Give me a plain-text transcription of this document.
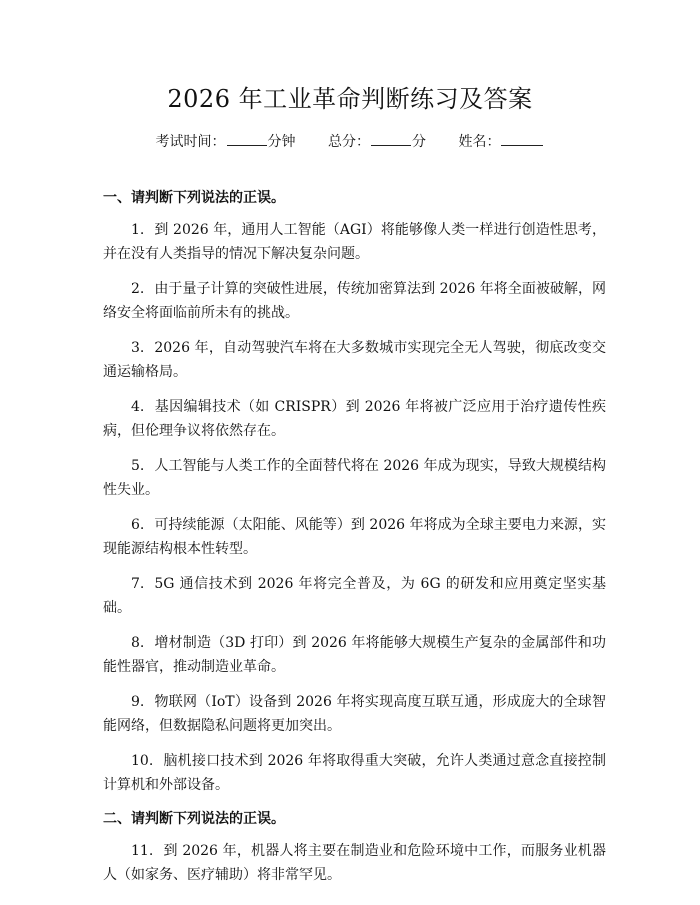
2026 年工业革命判断练习及答案
考试时间：	分钟 总分：	分 姓名：
一、请判断下列说法的正误。

1. 到 2026 年，通用人工智能（AGI）将能够像人类一样进行创造性思考，并在没有人类指导的情况下解决复杂问题。

2. 由于量子计算的突破性进展，传统加密算法到 2026 年将全面被破解，网络安全将面临前所未有的挑战。

3. 2026 年，自动驾驶汽车将在大多数城市实现完全无人驾驶，彻底改变交通运输格局。

4. 基因编辑技术（如 CRISPR）到 2026 年将被广泛应用于治疗遗传性疾病，但伦理争议将依然存在。

5. 人工智能与人类工作的全面替代将在 2026 年成为现实，导致大规模结构性失业。

6. 可持续能源（太阳能、风能等）到 2026 年将成为全球主要电力来源，实现能源结构根本性转型。

7. 5G 通信技术到 2026 年将完全普及，为 6G 的研发和应用奠定坚实基础。

8. 增材制造（3D 打印）到 2026 年将能够大规模生产复杂的金属部件和功能性器官，推动制造业革命。

9. 物联网（IoT）设备到 2026 年将实现高度互联互通，形成庞大的全球智能网络，但数据隐私问题将更加突出。

10. 脑机接口技术到 2026 年将取得重大突破，允许人类通过意念直接控制计算机和外部设备。

二、请判断下列说法的正误。

11. 到 2026 年，机器人将主要在制造业和危险环境中工作，而服务业机器人（如家务、医疗辅助）将非常罕见。
